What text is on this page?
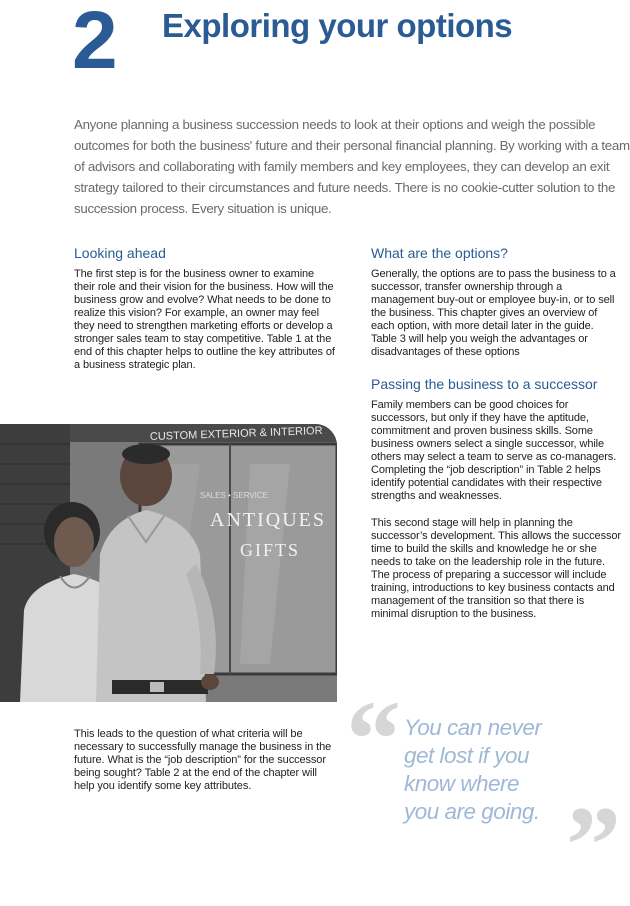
2 Exploring your options

Anyone planning a business succession needs to look at their options and weigh the possible outcomes for both the business' future and their personal financial planning. By working with a team of advisors and collaborating with family members and key employees, they can develop an exit strategy tailored to their circumstances and future needs. There is no cookie-cutter solution to the succession process. Every situation is unique.

Looking ahead

The first step is for the business owner to examine their role and their vision for the business. How will the business grow and evolve? What needs to be done to realize this vision? For example, an owner may feel they need to strengthen marketing efforts or develop a stronger sales team to stay competitive. Table 1 at the end of this chapter helps to outline the key attributes of a business strategic plan.

What are the options?

Generally, the options are to pass the business to a successor, transfer ownership through a management buy-out or employee buy-in, or to sell the business. This chapter gives an overview of each option, with more detail later in the guide. Table 3 will help you weigh the advantages or disadvantages of these options

Passing the business to a successor

Family members can be good choices for successors, but only if they have the aptitude, commitment and proven business skills. Some business owners select a single successor, while others may select a team to serve as co-managers. Completing the “job description” in Table 2 helps identify potential candidates with their respective strengths and weaknesses.

This second stage will help in planning the successor’s development. This allows the successor time to build the skills and knowledge he or she needs to take on the leadership role in the future. The process of preparing a successor will include training, introductions to key business contacts and management of the transition so that there is minimal disruption to the business.

CUSTOM EXTERIOR & INTERIOR
SALES • SERVICE
ANTIQUES
GIFTS

This leads to the question of what criteria will be necessary to successfully manage the business in the future. What is the “job description” for the successor being sought? Table 2 at the end of the chapter will help you identify some key attributes. “ You can never
get lost if you
know where
you are going. ”
